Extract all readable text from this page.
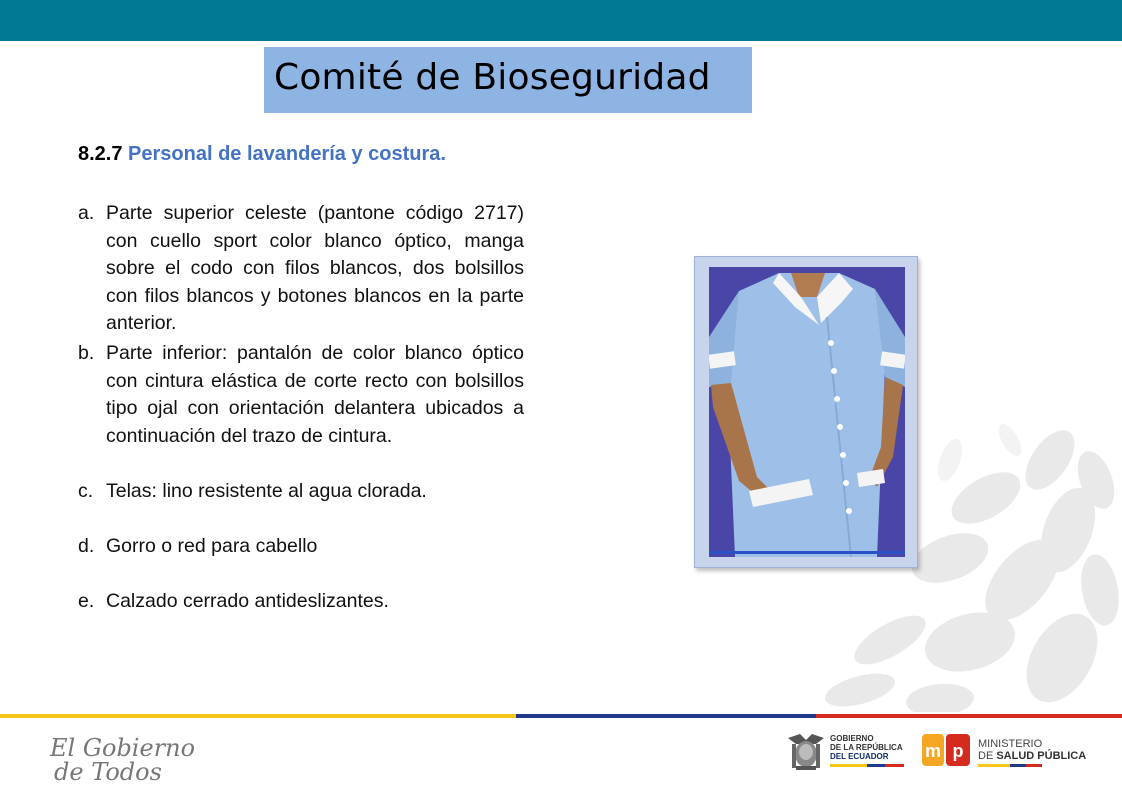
Comité de Bioseguridad
8.2.7 Personal de lavandería y costura.
a. Parte superior celeste (pantone código 2717) con cuello sport color blanco óptico, manga sobre el codo con filos blancos, dos bolsillos con filos blancos y botones blancos en la parte anterior.
b. Parte inferior: pantalón de color blanco óptico con cintura elástica de corte recto con bolsillos tipo ojal con orientación delantera ubicados a continuación del trazo de cintura.
c. Telas: lino resistente al agua clorada.
d. Gorro o red para cabello
e. Calzado cerrado antideslizantes.
El Gobierno
de Todos
GOBIERNO
DE LA REPÚBLICA
DEL ECUADOR	m p MINISTERIO
DE SALUD PÚBLICA
